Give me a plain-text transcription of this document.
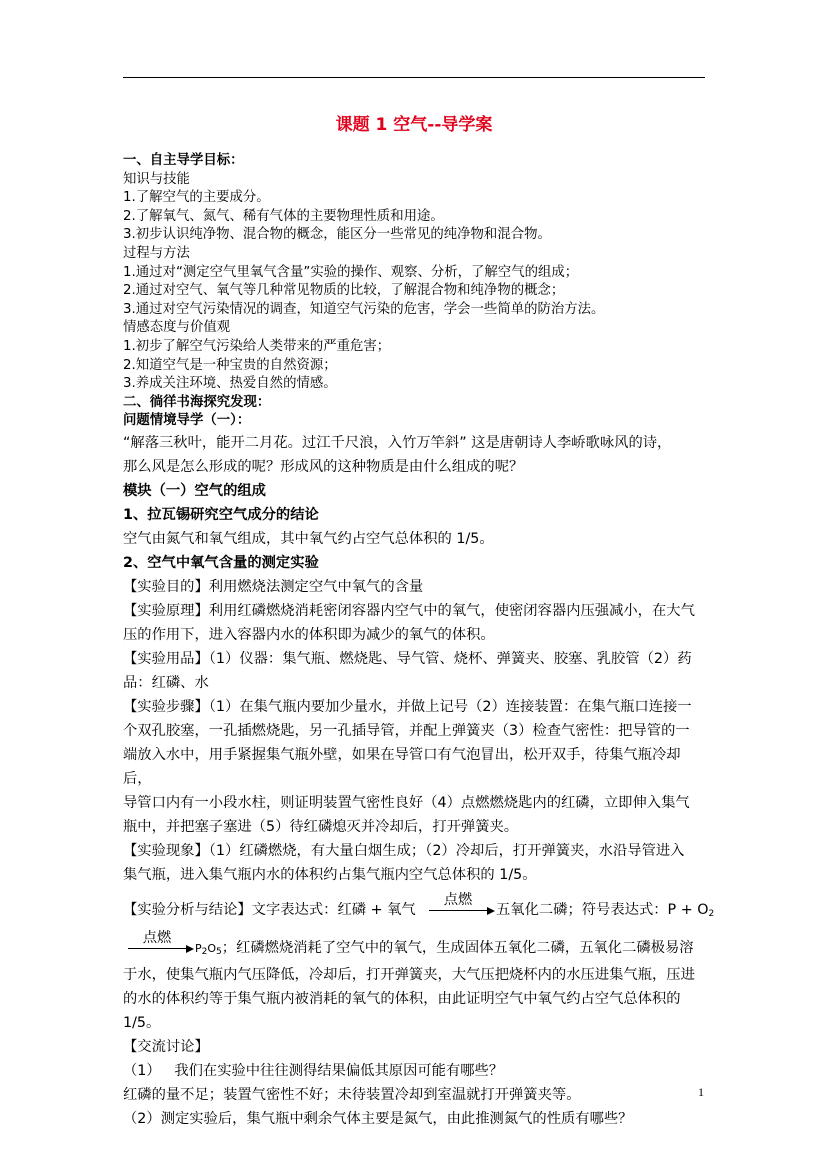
课题 1 空气--导学案
一、自主导学目标：
知识与技能
1.了解空气的主要成分。
2.了解氧气、氮气、稀有气体的主要物理性质和用途。
3.初步认识纯净物、混合物的概念，能区分一些常见的纯净物和混合物。
过程与方法
1.通过对“测定空气里氧气含量”实验的操作、观察、分析，了解空气的组成；
2.通过对空气、氧气等几种常见物质的比较，了解混合物和纯净物的概念；
3.通过对空气污染情况的调查，知道空气污染的危害，学会一些简单的防治方法。
情感态度与价值观
1.初步了解空气污染给人类带来的严重危害；
2.知道空气是一种宝贵的自然资源；
3.养成关注环境、热爱自然的情感。
二、徜徉书海探究发现：
问题情境导学（一）：
“解落三秋叶，能开二月花。过江千尺浪，入竹万竿斜” 这是唐朝诗人李峤歌咏风的诗，
那么风是怎么形成的呢？形成风的这种物质是由什么组成的呢？
模块（一）空气的组成
1、拉瓦锡研究空气成分的结论
空气由氮气和氧气组成，其中氧气约占空气总体积的 1/5。
2、空气中氧气含量的测定实验
【实验目的】利用燃烧法测定空气中氧气的含量
【实验原理】利用红磷燃烧消耗密闭容器内空气中的氧气，使密闭容器内压强减小，在大气
压的作用下，进入容器内水的体积即为减少的氧气的体积。
【实验用品】（1）仪器：集气瓶、燃烧匙、导气管、烧杯、弹簧夹、胶塞、乳胶管（2）药
品：红磷、水
【实验步骤】（1）在集气瓶内要加少量水，并做上记号（2）连接装置：在集气瓶口连接一
个双孔胶塞，一孔插燃烧匙，另一孔插导管，并配上弹簧夹（3）检查气密性：把导管的一
端放入水中，用手紧握集气瓶外壁，如果在导管口有气泡冒出，松开双手，待集气瓶冷却后，
导管口内有一小段水柱，则证明装置气密性良好（4）点燃燃烧匙内的红磷，立即伸入集气
瓶中，并把塞子塞进（5）待红磷熄灭并冷却后，打开弹簧夹。
【实验现象】（1）红磷燃烧，有大量白烟生成；（2）冷却后，打开弹簧夹，水沿导管进入
集气瓶，进入集气瓶内水的体积约占集气瓶内空气总体积的 1/5。
【实验分析与结论】文字表达式：红磷 + 氧气
点燃
五氧化二磷；符号表达式：$P + O_2$
点燃
$P_2O_5$；红磷燃烧消耗了空气中的氧气，生成固体五氧化二磷，五氧化二磷极易溶
于水，使集气瓶内气压降低，冷却后，打开弹簧夹，大气压把烧杯内的水压进集气瓶，压进
的水的体积约等于集气瓶内被消耗的氧气的体积，由此证明空气中氧气约占空气总体积的
1/5。
【交流讨论】
（1）   我们在实验中往往测得结果偏低其原因可能有哪些？
红磷的量不足；装置气密性不好；未待装置冷却到室温就打开弹簧夹等。
（2）测定实验后，集气瓶中剩余气体主要是氮气，由此推测氮气的性质有哪些？
1
